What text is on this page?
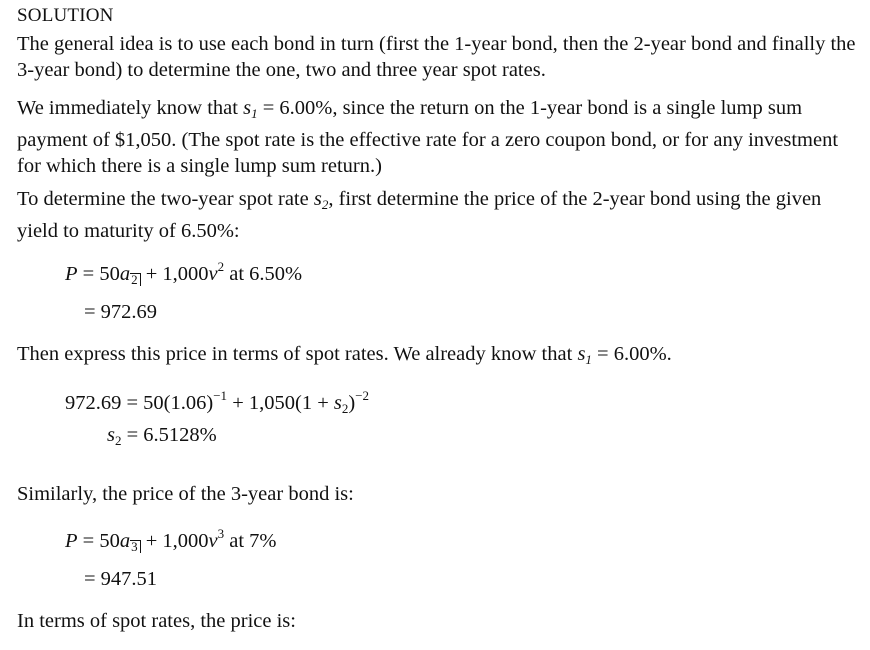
SOLUTION
The general idea is to use each bond in turn (first the 1-year bond, then the 2-year bond and finally the 3-year bond) to determine the one, two and three year spot rates.
We immediately know that $s_1 = 6.00\%$, since the return on the 1-year bond is a single lump sum payment of $1,050. (The spot rate is the effective rate for a zero coupon bond, or for any investment for which there is a single lump sum return.)
To determine the two-year spot rate $s_2$, first determine the price of the 2-year bond using the given yield to maturity of 6.50%:
$P = 50a_2 + 1,000v^2$ at 6.50%
= 972.69
Then express this price in terms of spot rates. We already know that $s_1 = 6.00\%$.
$972.69 = 50(1.06)^{-1} + 1,050(1 + s_2)^{-2}$
$s_2 = 6.5128\%$
Similarly, the price of the 3-year bond is:
$P = 50a_3 + 1,000v^3$ at 7%
= 947.51
In terms of spot rates, the price is:
